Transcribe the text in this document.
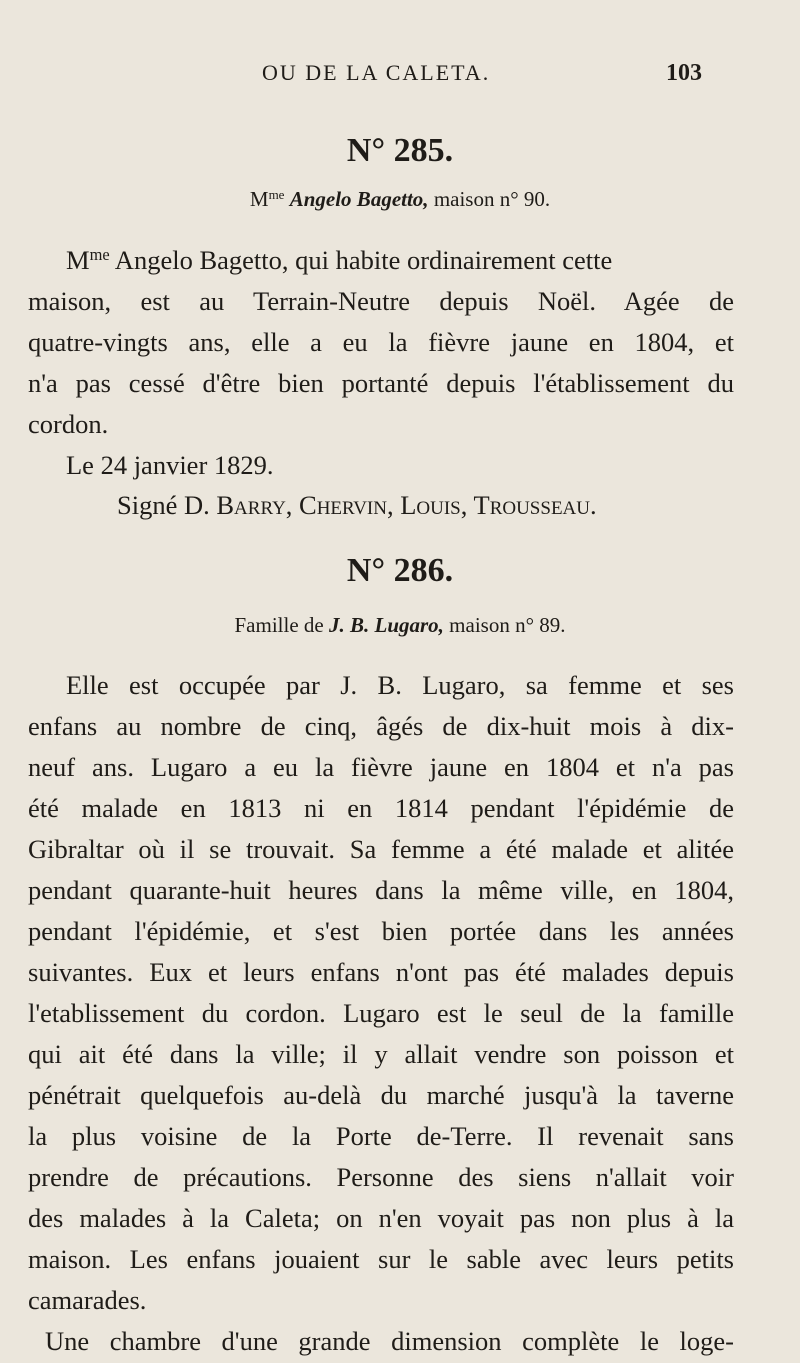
OU DE LA CALETA.	103
N° 285.
$M^{me}$ Angelo Bagetto, maison n° 90.
$M^{me}$ Angelo Bagetto, qui habite ordinairement cette
maison, est au Terrain-Neutre depuis Noël. Agée de
quatre-vingts ans, elle a eu la fièvre jaune en 1804, et
n'a pas cessé d'être bien portanté depuis l'établissement du
cordon.
Le 24 janvier 1829.
Signé D. Barry, Chervin, Louis, Trousseau.
N° 286.
Famille de J. B. Lugaro, maison n° 89.
Elle est occupée par J. B. Lugaro, sa femme et ses
enfans au nombre de cinq, âgés de dix-huit mois à dix-
neuf ans. Lugaro a eu la fièvre jaune en 1804 et n'a pas
été malade en 1813 ni en 1814 pendant l'épidémie de
Gibraltar où il se trouvait. Sa femme a été malade et alitée
pendant quarante-huit heures dans la même ville, en 1804,
pendant l'épidémie, et s'est bien portée dans les années
suivantes. Eux et leurs enfans n'ont pas été malades depuis
l'etablissement du cordon. Lugaro est le seul de la famille
qui ait été dans la ville; il y allait vendre son poisson et
pénétrait quelquefois au-delà du marché jusqu'à la taverne
la plus voisine de la Porte de-Terre. Il revenait sans
prendre de précautions. Personne des siens n'allait voir
des malades à la Caleta; on n'en voyait pas non plus à la
maison. Les enfans jouaient sur le sable avec leurs petits
camarades.
Une chambre d'une grande dimension complète le loge-
